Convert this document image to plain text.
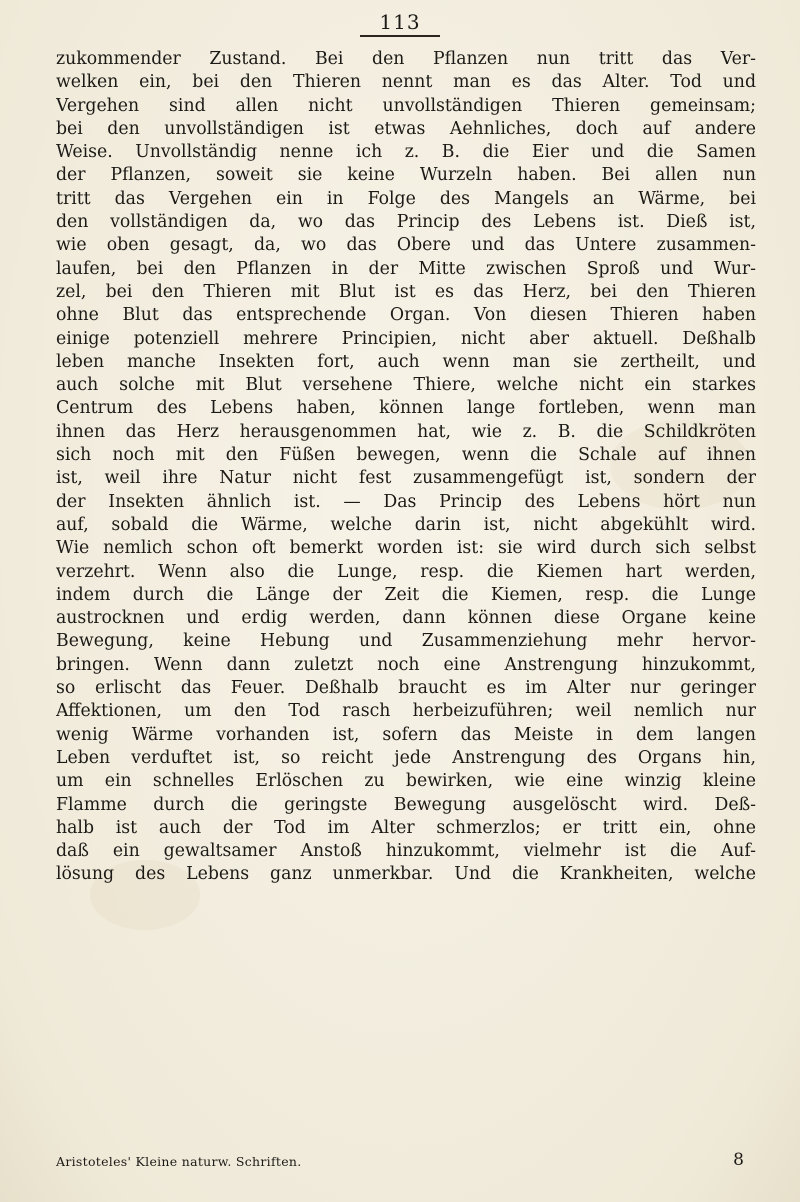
113
zukommender Zustand. Bei den Pflanzen nun tritt das Ver-
welken ein, bei den Thieren nennt man es das Alter. Tod und
Vergehen sind allen nicht unvollständigen Thieren gemeinsam;
bei den unvollständigen ist etwas Aehnliches, doch auf andere
Weise. Unvollständig nenne ich z. B. die Eier und die Samen
der Pflanzen, soweit sie keine Wurzeln haben. Bei allen nun
tritt das Vergehen ein in Folge des Mangels an Wärme, bei
den vollständigen da, wo das Princip des Lebens ist. Dieß ist,
wie oben gesagt, da, wo das Obere und das Untere zusammen-
laufen, bei den Pflanzen in der Mitte zwischen Sproß und Wur-
zel, bei den Thieren mit Blut ist es das Herz, bei den Thieren
ohne Blut das entsprechende Organ. Von diesen Thieren haben
einige potenziell mehrere Principien, nicht aber aktuell. Deßhalb
leben manche Insekten fort, auch wenn man sie zertheilt, und
auch solche mit Blut versehene Thiere, welche nicht ein starkes
Centrum des Lebens haben, können lange fortleben, wenn man
ihnen das Herz herausgenommen hat, wie z. B. die Schildkröten
sich noch mit den Füßen bewegen, wenn die Schale auf ihnen
ist, weil ihre Natur nicht fest zusammengefügt ist, sondern der
der Insekten ähnlich ist. — Das Princip des Lebens hört nun
auf, sobald die Wärme, welche darin ist, nicht abgekühlt wird.
Wie nemlich schon oft bemerkt worden ist: sie wird durch sich selbst
verzehrt. Wenn also die Lunge, resp. die Kiemen hart werden,
indem durch die Länge der Zeit die Kiemen, resp. die Lunge
austrocknen und erdig werden, dann können diese Organe keine
Bewegung, keine Hebung und Zusammenziehung mehr hervor-
bringen. Wenn dann zuletzt noch eine Anstrengung hinzukommt,
so erlischt das Feuer. Deßhalb braucht es im Alter nur geringer
Affektionen, um den Tod rasch herbeizuführen; weil nemlich nur
wenig Wärme vorhanden ist, sofern das Meiste in dem langen
Leben verduftet ist, so reicht jede Anstrengung des Organs hin,
um ein schnelles Erlöschen zu bewirken, wie eine winzig kleine
Flamme durch die geringste Bewegung ausgelöscht wird. Deß-
halb ist auch der Tod im Alter schmerzlos; er tritt ein, ohne
daß ein gewaltsamer Anstoß hinzukommt, vielmehr ist die Auf-
lösung des Lebens ganz unmerkbar. Und die Krankheiten, welche
Aristoteles' Kleine naturw. Schriften.	8
